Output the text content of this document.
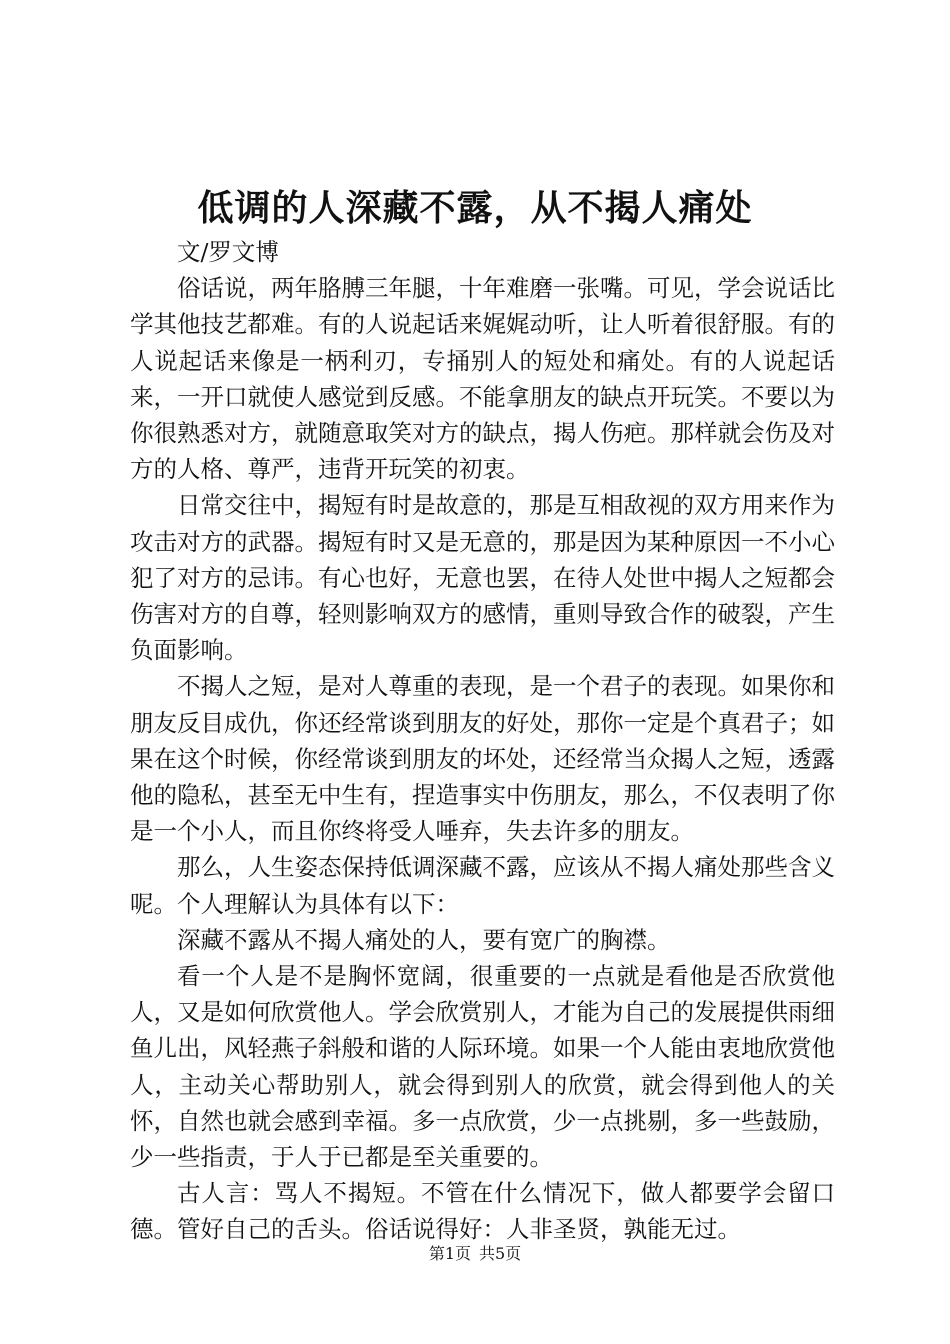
低调的人深藏不露，从不揭人痛处

文/罗文博

俗话说，两年胳膊三年腿，十年难磨一张嘴。可见，学会说话比学其他技艺都难。有的人说起话来娓娓动听，让人听着很舒服。有的人说起话来像是一柄利刃，专捅别人的短处和痛处。有的人说起话来，一开口就使人感觉到反感。不能拿朋友的缺点开玩笑。不要以为你很熟悉对方，就随意取笑对方的缺点，揭人伤疤。那样就会伤及对方的人格、尊严，违背开玩笑的初衷。

日常交往中，揭短有时是故意的，那是互相敌视的双方用来作为攻击对方的武器。揭短有时又是无意的，那是因为某种原因一不小心犯了对方的忌讳。有心也好，无意也罢，在待人处世中揭人之短都会伤害对方的自尊，轻则影响双方的感情，重则导致合作的破裂，产生负面影响。

不揭人之短，是对人尊重的表现，是一个君子的表现。如果你和朋友反目成仇，你还经常谈到朋友的好处，那你一定是个真君子；如果在这个时候，你经常谈到朋友的坏处，还经常当众揭人之短，透露他的隐私，甚至无中生有，捏造事实中伤朋友，那么，不仅表明了你是一个小人，而且你终将受人唾弃，失去许多的朋友。

那么，人生姿态保持低调深藏不露，应该从不揭人痛处那些含义呢。个人理解认为具体有以下：

深藏不露从不揭人痛处的人，要有宽广的胸襟。

看一个人是不是胸怀宽阔，很重要的一点就是看他是否欣赏他人，又是如何欣赏他人。学会欣赏别人，才能为自己的发展提供雨细鱼儿出，风轻燕子斜般和谐的人际环境。如果一个人能由衷地欣赏他人，主动关心帮助别人，就会得到别人的欣赏，就会得到他人的关怀，自然也就会感到幸福。多一点欣赏，少一点挑剔，多一些鼓励，少一些指责，于人于已都是至关重要的。

古人言：骂人不揭短。不管在什么情况下，做人都要学会留口德。管好自己的舌头。俗话说得好：人非圣贤，孰能无过。

第1页 共5页
